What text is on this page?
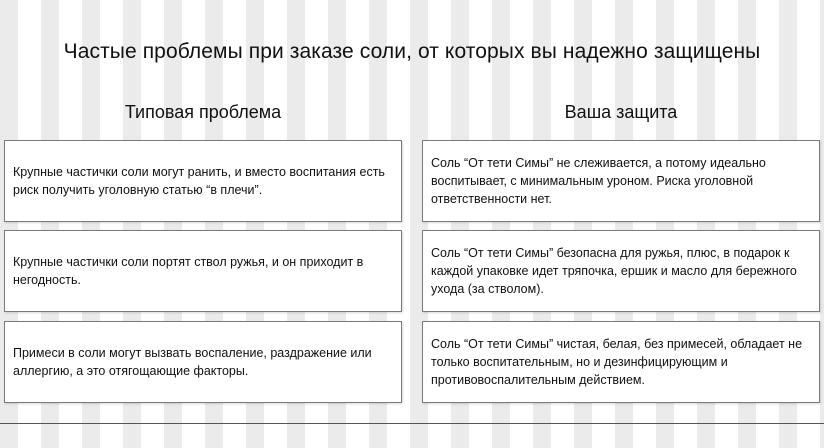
Частые проблемы при заказе соли, от которых вы надежно защищены
Типовая проблема	Ваша защита
Крупные частички соли могут ранить, и вместо воспитания есть риск получить уголовную статью “в плечи”.
Соль “От тети Симы” не слеживается, а потому идеально воспитывает, с минимальным уроном. Риска уголовной ответственности нет.
Крупные частички соли портят ствол ружья, и он приходит в негодность.
Соль “От тети Симы” безопасна для ружья, плюс, в подарок к каждой упаковке идет тряпочка, ершик и масло для бережного ухода (за стволом).
Примеси в соли могут вызвать воспаление, раздражение или аллергию, а это отягощающие факторы.
Соль “От тети Симы” чистая, белая, без примесей, обладает не только воспитательным, но и дезинфицирующим и противовоспалительным действием.
